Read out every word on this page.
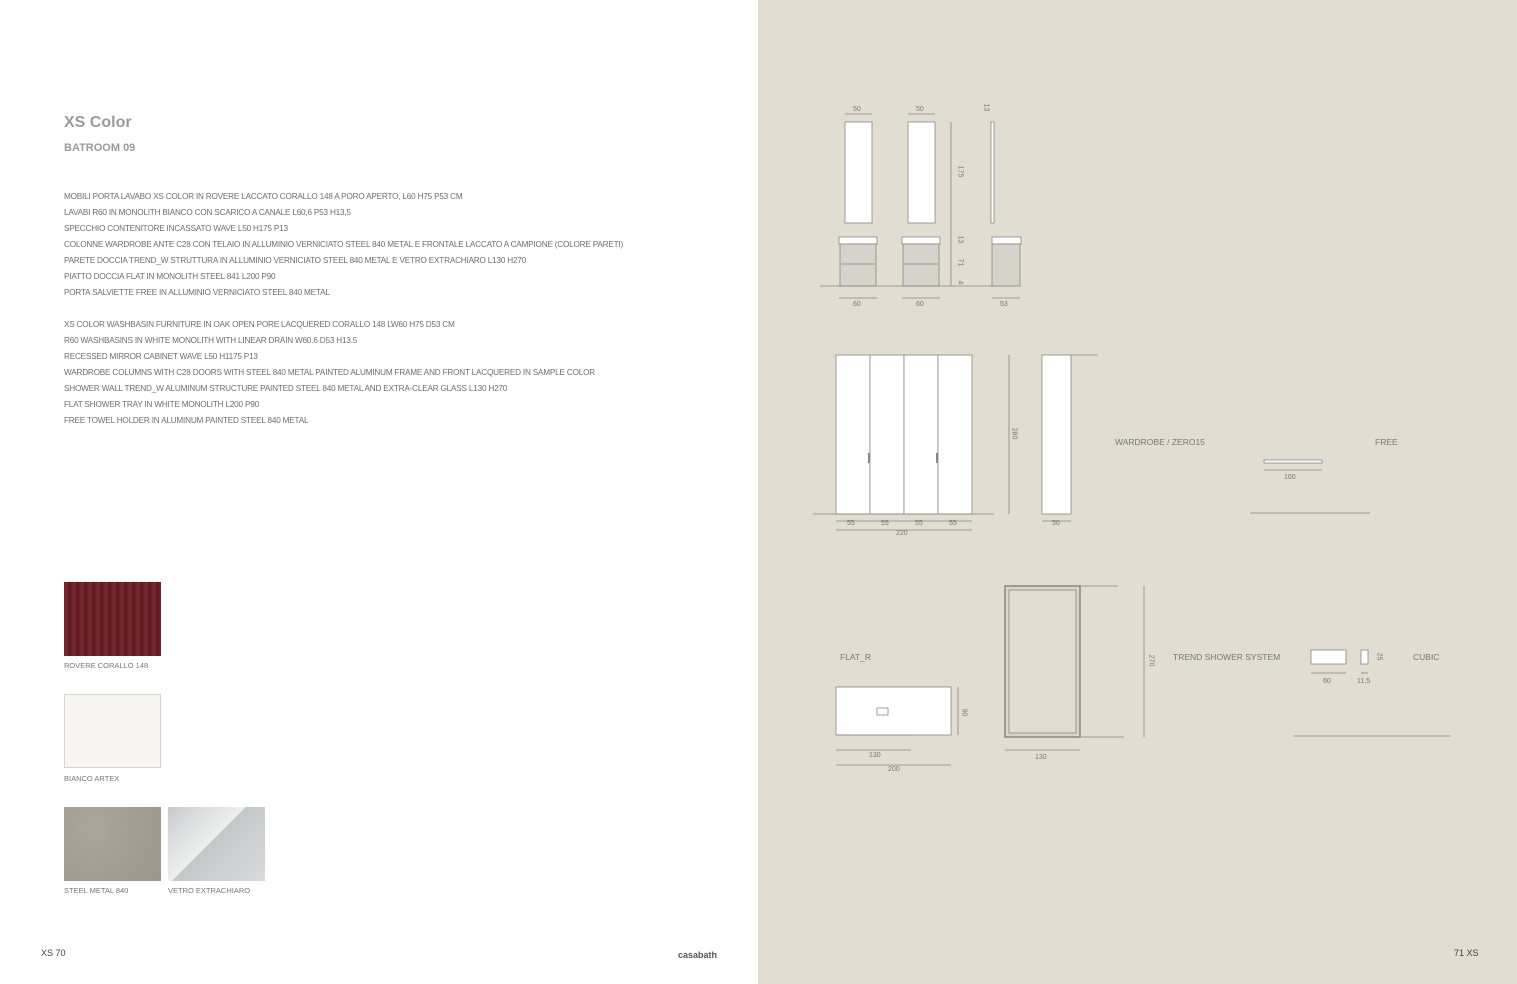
XS Color
BATROOM 09
MOBILI PORTA LAVABO XS COLOR IN ROVERE LACCATO CORALLO 148 A PORO APERTO, L60 H75 P53 CM
LAVABI R60 IN MONOLITH BIANCO CON SCARICO A CANALE L60,6 P53 H13,5
SPECCHIO CONTENITORE INCASSATO WAVE L50 H175 P13
COLONNE WARDROBE ANTE C28 CON TELAIO IN ALLUMINIO VERNICIATO STEEL 840 METAL E FRONTALE LACCATO A CAMPIONE (COLORE PARETI)
PARETE DOCCIA TREND_W STRUTTURA IN ALLUMINIO VERNICIATO STEEL 840 METAL E VETRO EXTRACHIARO L130 H270
PIATTO DOCCIA FLAT IN MONOLITH STEEL 841 L200 P90
PORTA SALVIETTE FREE IN ALLUMINIO VERNICIATO STEEL 840 METAL
XS COLOR WASHBASIN FURNITURE IN OAK OPEN PORE LACQUERED CORALLO 148 LW60 H75 D53 CM
R60 WASHBASINS IN WHITE MONOLITH WITH LINEAR DRAIN W60.6 D53 H13.5
RECESSED MIRROR CABINET WAVE L50 H1175 P13
WARDROBE COLUMNS WITH C28 DOORS WITH STEEL 840 METAL PAINTED ALUMINUM FRAME AND FRONT LACQUERED IN SAMPLE COLOR
SHOWER WALL TREND_W ALUMINUM STRUCTURE PAINTED STEEL 840 METAL AND EXTRA-CLEAR GLASS L130 H270
FLAT SHOWER TRAY IN WHITE MONOLITH L200 P90
FREE TOWEL HOLDER IN ALUMINUM PAINTED STEEL 840 METAL
ROVERE CORALLO 148
BIANCO ARTEX
STEEL METAL 840	VETRO EXTRACHIARO
XS 70	casabath
50	50	13
175
13
71
4
60	60	53
55	55	55	55
220
280
50
WARDROBE / ZERO15	FREE
100
FLAT_R
90
130
200
270
130
TREND SHOWER SYSTEM	CUBIC
25
60	11,5
71 XS
